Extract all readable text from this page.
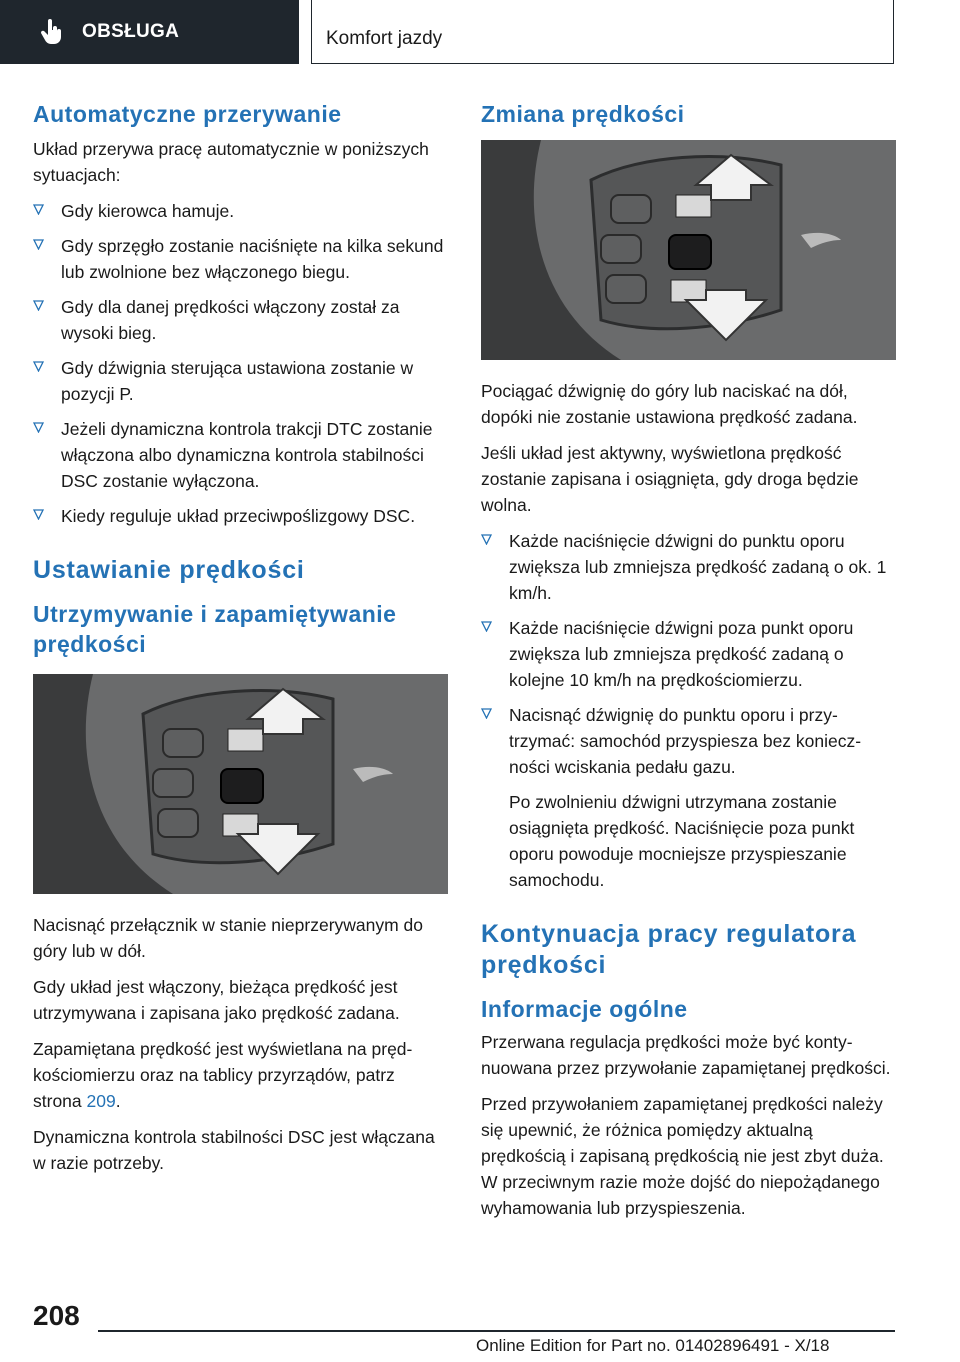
OBSŁUGA	Komfort jazdy
Automatyczne przerywanie

Układ przerywa pracę automatycznie w poniższych sytuacjach:

Gdy kierowca hamuje.
Gdy sprzęgło zostanie naciśnięte na kilka sekund lub zwolnione bez włączonego biegu.
Gdy dla danej prędkości włączony został za wysoki bieg.
Gdy dźwignia sterująca ustawiona zostanie w pozycji P.
Jeżeli dynamiczna kontrola trakcji DTC zostanie włączona albo dynamiczna kontrola stabilności DSC zostanie wyłączona.
Kiedy reguluje układ przeciwpoślizgowy DSC.
Ustawianie prędkości
Utrzymywanie i zapamiętywanie prędkości

Nacisnąć przełącznik w stanie nieprzerywanym do góry lub w dół.

Gdy układ jest włączony, bieżąca prędkość jest utrzymywana i zapisana jako prędkość zadana.

Zapamiętana prędkość jest wyświetlana na prędkościomierzu oraz na tablicy przyrządów, patrz strona 209.

Dynamiczna kontrola stabilności DSC jest włączana w razie potrzeby.

Zmiana prędkości

Pociągać dźwignię do góry lub naciskać na dół, dopóki nie zostanie ustawiona prędkość zadana.

Jeśli układ jest aktywny, wyświetlona prędkość zostanie zapisana i osiągnięta, gdy droga będzie wolna.

Każde naciśnięcie dźwigni do punktu oporu zwiększa lub zmniejsza prędkość zadaną o ok. 1 km/h.
Każde naciśnięcie dźwigni poza punkt oporu zwiększa lub zmniejsza prędkość zadaną o kolejne 10 km/h na prędkościomierzu.
Nacisnąć dźwignię do punktu oporu i przytrzymać: samochód przyspiesza bez konieczności wciskania pedału gazu.

Po zwolnieniu dźwigni utrzymana zostanie osiągnięta prędkość. Naciśnięcie poza punkt oporu powoduje mocniejsze przyspieszanie samochodu.

Kontynuacja pracy regulatora prędkości
Informacje ogólne

Przerwana regulacja prędkości może być kontynuowana przez przywołanie zapamiętanej prędkości.

Przed przywołaniem zapamiętanej prędkości należy się upewnić, że różnica pomiędzy aktualną prędkością i zapisaną prędkością nie jest zbyt duża. W przeciwnym razie może dojść do niepożądanego wyhamowania lub przyspieszenia.

208
Online Edition for Part no. 01402896491 - X/18
